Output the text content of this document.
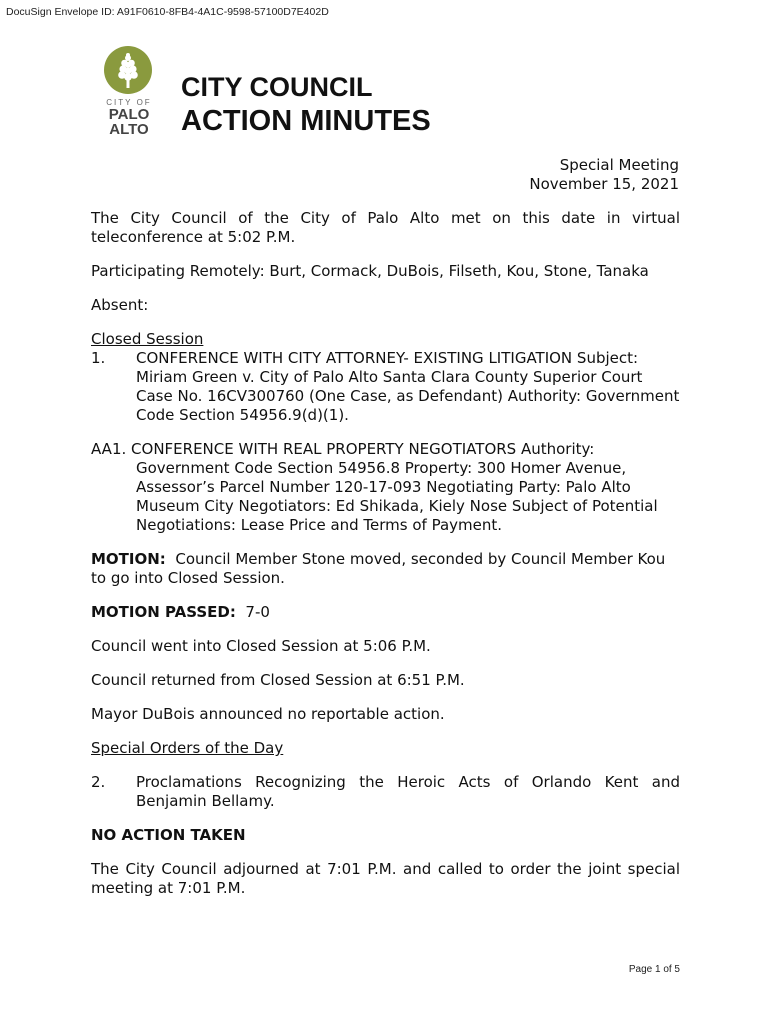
DocuSign Envelope ID: A91F0610-8FB4-4A1C-9598-57100D7E402D
CITY OF
PALO
ALTO
CITY COUNCIL
ACTION MINUTES
Special Meeting
November 15, 2021

The City Council of the City of Palo Alto met on this date in virtual teleconference at 5:02 P.M.

Participating Remotely: Burt, Cormack, DuBois, Filseth, Kou, Stone, Tanaka

Absent:

Closed Session

1.	CONFERENCE WITH CITY ATTORNEY- EXISTING LITIGATION Subject: Miriam Green v. City of Palo Alto Santa Clara County Superior Court Case No. 16CV300760 (One Case, as Defendant) Authority: Government Code Section 54956.9(d)(1).

AA1. CONFERENCE WITH REAL PROPERTY NEGOTIATORS Authority: Government Code Section 54956.8 Property: 300 Homer Avenue, Assessor’s Parcel Number 120-17-093 Negotiating Party: Palo Alto Museum City Negotiators: Ed Shikada, Kiely Nose Subject of Potential Negotiations: Lease Price and Terms of Payment.

MOTION: Council Member Stone moved, seconded by Council Member Kou to go into Closed Session.

MOTION PASSED: 7-0

Council went into Closed Session at 5:06 P.M.

Council returned from Closed Session at 6:51 P.M.

Mayor DuBois announced no reportable action.

Special Orders of the Day

2.	Proclamations Recognizing the Heroic Acts of Orlando Kent and Benjamin Bellamy.

NO ACTION TAKEN

The City Council adjourned at 7:01 P.M. and called to order the joint special meeting at 7:01 P.M.

Page 1 of 5
